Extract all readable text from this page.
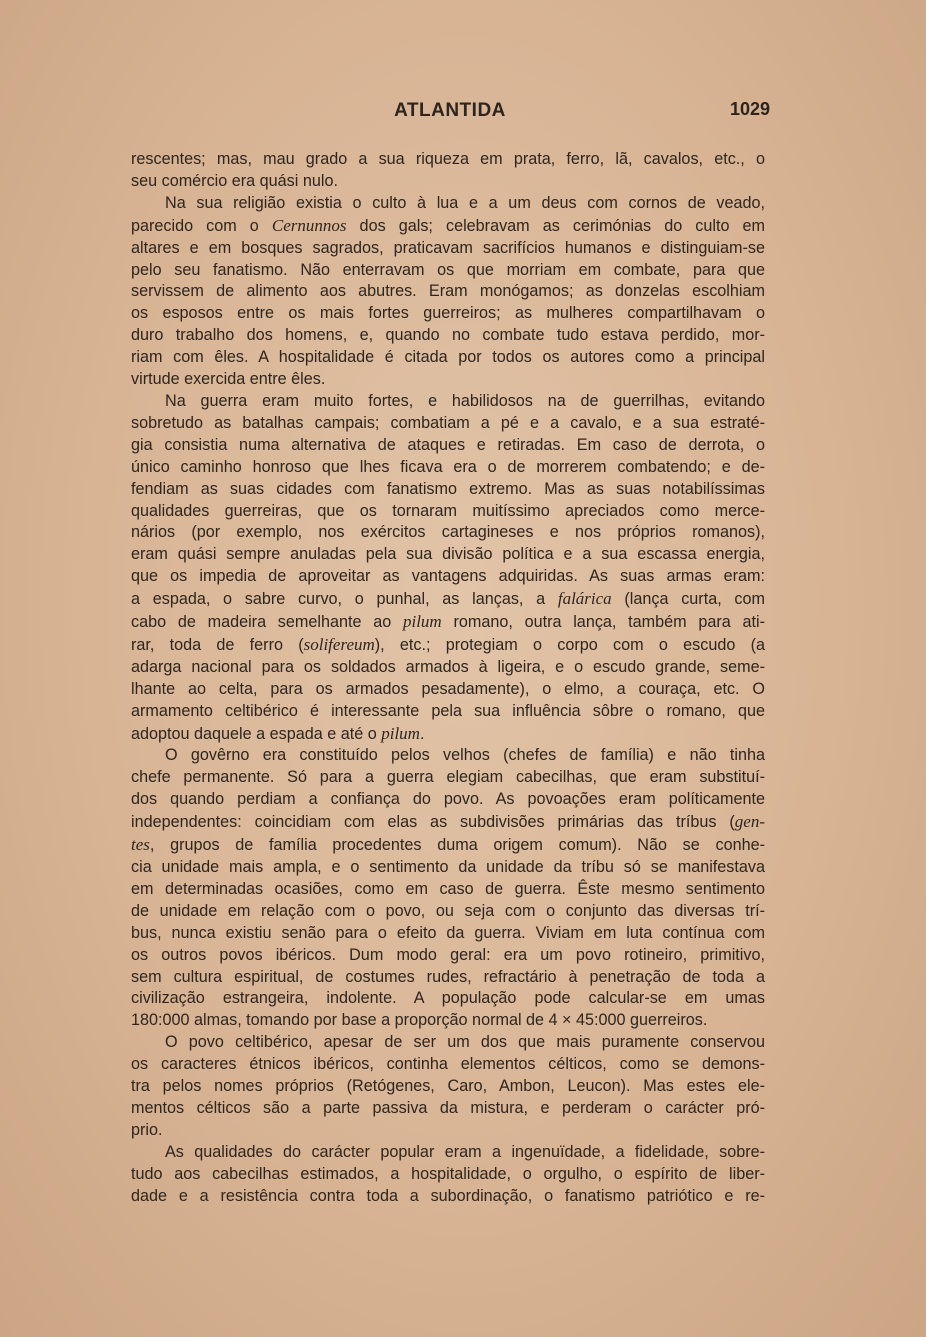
ATLANTIDA	1029
rescentes; mas, mau grado a sua riqueza em prata, ferro, lã, cavalos, etc., o
seu comércio era quási nulo.
Na sua religião existia o culto à lua e a um deus com cornos de veado,
parecido com o Cernunnos dos gals; celebravam as cerimónias do culto em
altares e em bosques sagrados, praticavam sacrifícios humanos e distinguiam-se
pelo seu fanatismo. Não enterravam os que morriam em combate, para que
servissem de alimento aos abutres. Eram monógamos; as donzelas escolhiam
os esposos entre os mais fortes guerreiros; as mulheres compartilhavam o
duro trabalho dos homens, e, quando no combate tudo estava perdido, mor-
riam com êles. A hospitalidade é citada por todos os autores como a principal
virtude exercida entre êles.
Na guerra eram muito fortes, e habilidosos na de guerrilhas, evitando
sobretudo as batalhas campais; combatiam a pé e a cavalo, e a sua estraté-
gia consistia numa alternativa de ataques e retiradas. Em caso de derrota, o
único caminho honroso que lhes ficava era o de morrerem combatendo; e de-
fendiam as suas cidades com fanatismo extremo. Mas as suas notabilíssimas
qualidades guerreiras, que os tornaram muitíssimo apreciados como merce-
nários (por exemplo, nos exércitos cartagineses e nos próprios romanos),
eram quási sempre anuladas pela sua divisão política e a sua escassa energia,
que os impedia de aproveitar as vantagens adquiridas. As suas armas eram:
a espada, o sabre curvo, o punhal, as lanças, a falárica (lança curta, com
cabo de madeira semelhante ao pilum romano, outra lança, também para ati-
rar, toda de ferro (solifereum), etc.; protegiam o corpo com o escudo (a
adarga nacional para os soldados armados à ligeira, e o escudo grande, seme-
lhante ao celta, para os armados pesadamente), o elmo, a couraça, etc. O
armamento celtibérico é interessante pela sua influência sôbre o romano, que
adoptou daquele a espada e até o pilum.
O govêrno era constituído pelos velhos (chefes de família) e não tinha
chefe permanente. Só para a guerra elegiam cabecilhas, que eram substituí-
dos quando perdiam a confiança do povo. As povoações eram políticamente
independentes: coincidiam com elas as subdivisões primárias das tríbus (gen-
tes, grupos de família procedentes duma origem comum). Não se conhe-
cia unidade mais ampla, e o sentimento da unidade da tríbu só se manifestava
em determinadas ocasiões, como em caso de guerra. Êste mesmo sentimento
de unidade em relação com o povo, ou seja com o conjunto das diversas trí-
bus, nunca existiu senão para o efeito da guerra. Viviam em luta contínua com
os outros povos ibéricos. Dum modo geral: era um povo rotineiro, primitivo,
sem cultura espiritual, de costumes rudes, refractário à penetração de toda a
civilização estrangeira, indolente. A população pode calcular-se em umas
180:000 almas, tomando por base a proporção normal de 4 × 45:000 guerreiros.
O povo celtibérico, apesar de ser um dos que mais puramente conservou
os caracteres étnicos ibéricos, continha elementos célticos, como se demons-
tra pelos nomes próprios (Retógenes, Caro, Ambon, Leucon). Mas estes ele-
mentos célticos são a parte passiva da mistura, e perderam o carácter pró-
prio.
As qualidades do carácter popular eram a ingenuïdade, a fidelidade, sobre-
tudo aos cabecilhas estimados, a hospitalidade, o orgulho, o espírito de liber-
dade e a resistência contra toda a subordinação, o fanatismo patriótico e re-
